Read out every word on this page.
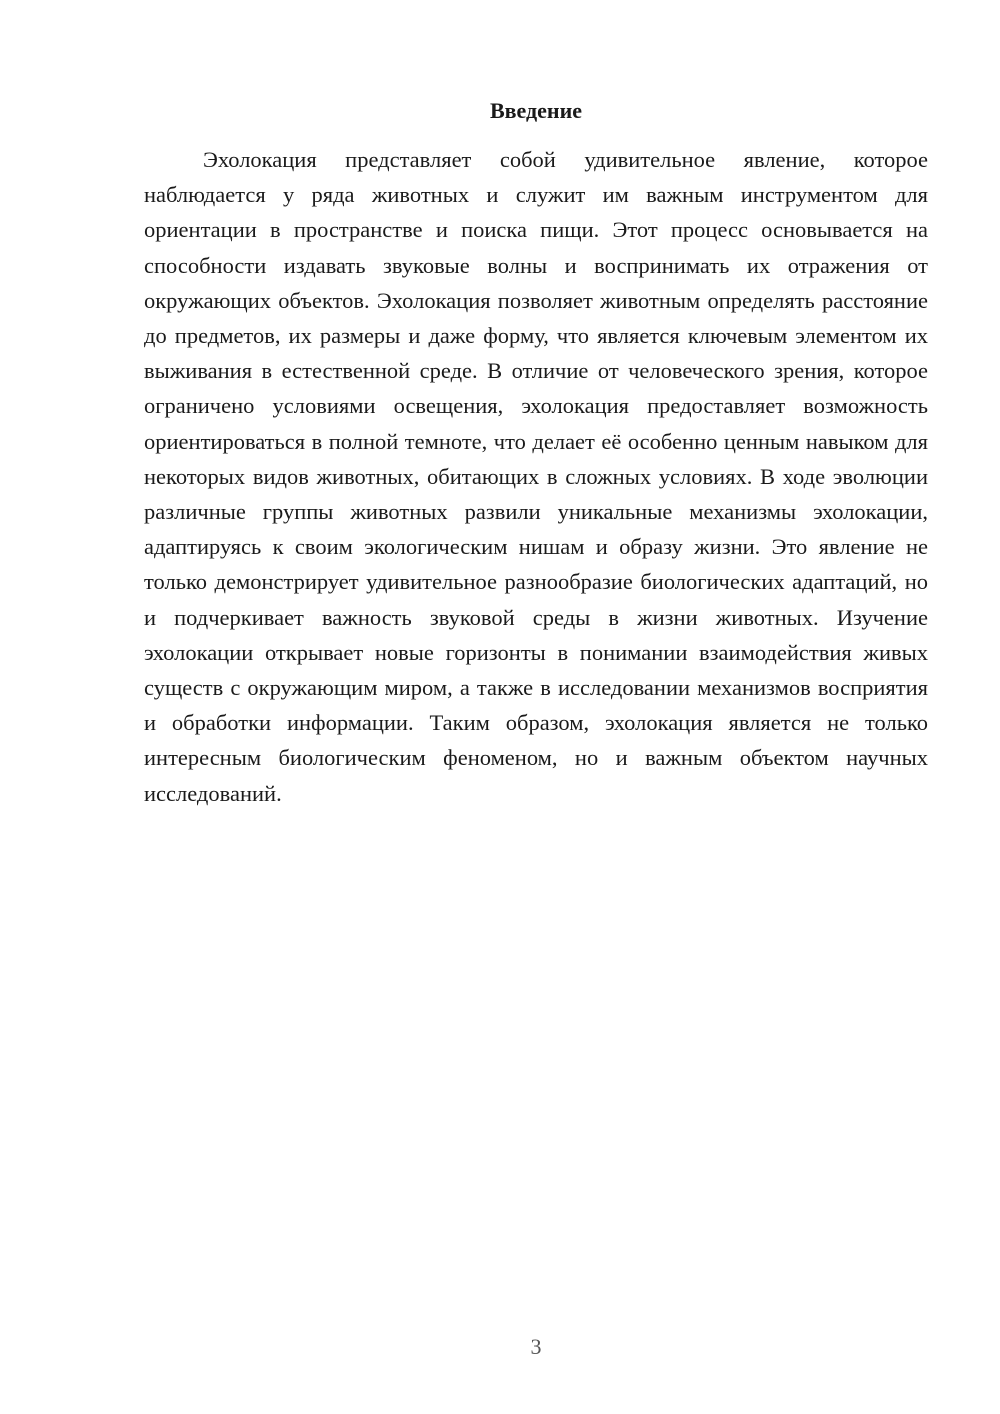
Введение

Эхолокация представляет собой удивительное явление, которое наблюдается у ряда животных и служит им важным инструментом для ориентации в пространстве и поиска пищи. Этот процесс основывается на способности издавать звуковые волны и воспринимать их отражения от окружающих объектов. Эхолокация позволяет животным определять расстояние до предметов, их размеры и даже форму, что является ключевым элементом их выживания в естественной среде. В отличие от человеческого зрения, которое ограничено условиями освещения, эхолокация предоставляет возможность ориентироваться в полной темноте, что делает её особенно ценным навыком для некоторых видов животных, обитающих в сложных условиях. В ходе эволюции различные группы животных развили уникальные механизмы эхолокации, адаптируясь к своим экологическим нишам и образу жизни. Это явление не только демонстрирует удивительное разнообразие биологических адаптаций, но и подчеркивает важность звуковой среды в жизни животных. Изучение эхолокации открывает новые горизонты в понимании взаимодействия живых существ с окружающим миром, а также в исследовании механизмов восприятия и обработки информации. Таким образом, эхолокация является не только интересным биологическим феноменом, но и важным объектом научных исследований.

3
